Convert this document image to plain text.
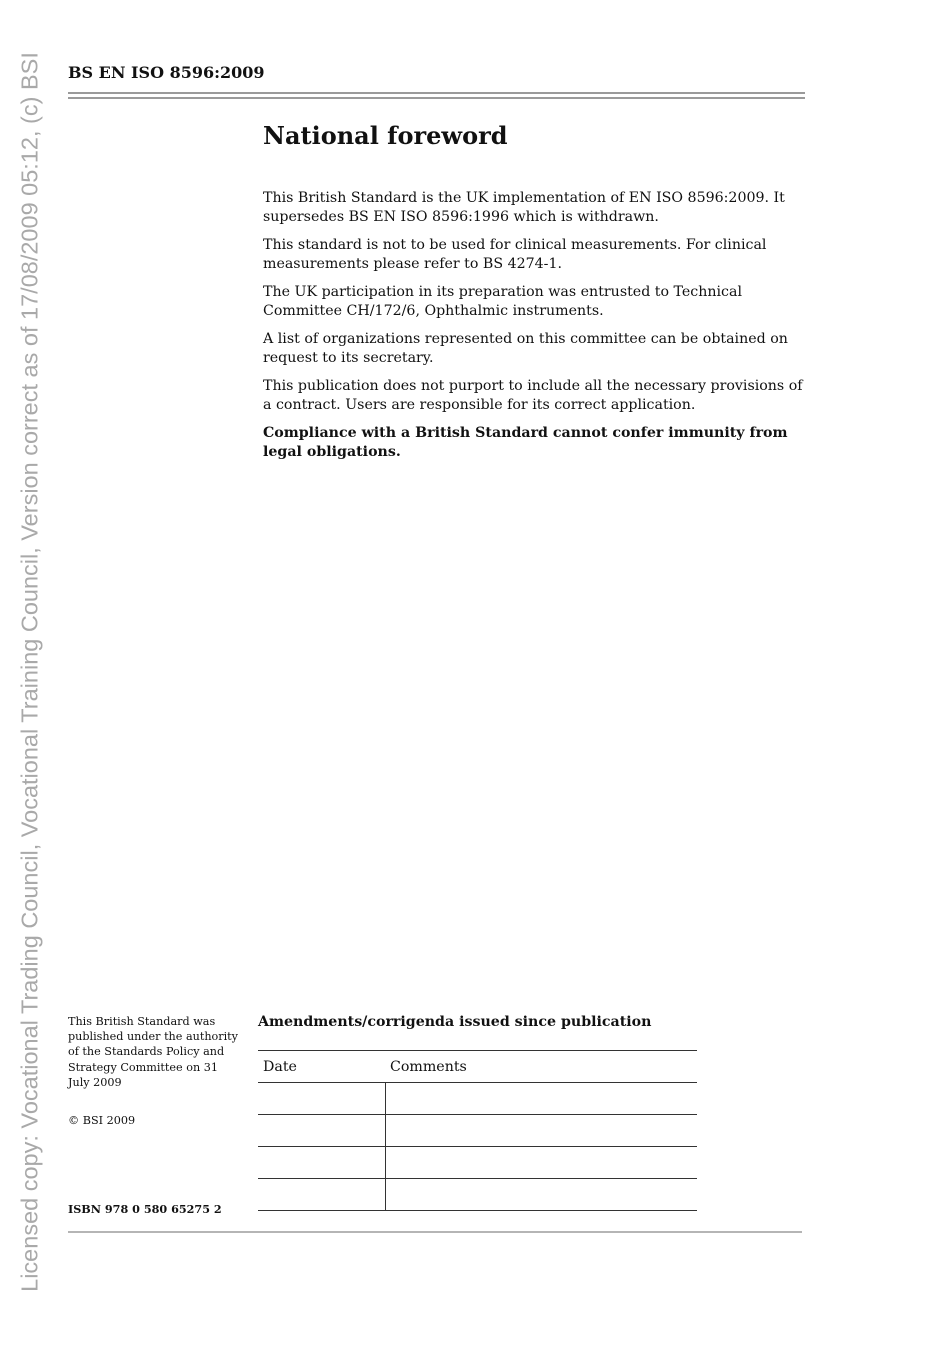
Licensed copy: Vocational Trading Council, Vocational Training Council, Version correct as of 17/08/2009 05:12, (c) BSI BS EN ISO 8596:2009
National foreword

This British Standard is the UK implementation of EN ISO 8596:2009. It supersedes BS EN ISO 8596:1996 which is withdrawn.

This standard is not to be used for clinical measurements. For clinical measurements please refer to BS 4274-1.

The UK participation in its preparation was entrusted to Technical Committee CH/172/6, Ophthalmic instruments.

A list of organizations represented on this committee can be obtained on request to its secretary.

This publication does not purport to include all the necessary provisions of a contract. Users are responsible for its correct application.

Compliance with a British Standard cannot confer immunity from legal obligations.

This British Standard was published under the authority of the Standards Policy and Strategy Committee on 31 July 2009

© BSI 2009
ISBN 978 0 580 65275 2
Amendments/corrigenda issued since publication
Date	Comments
